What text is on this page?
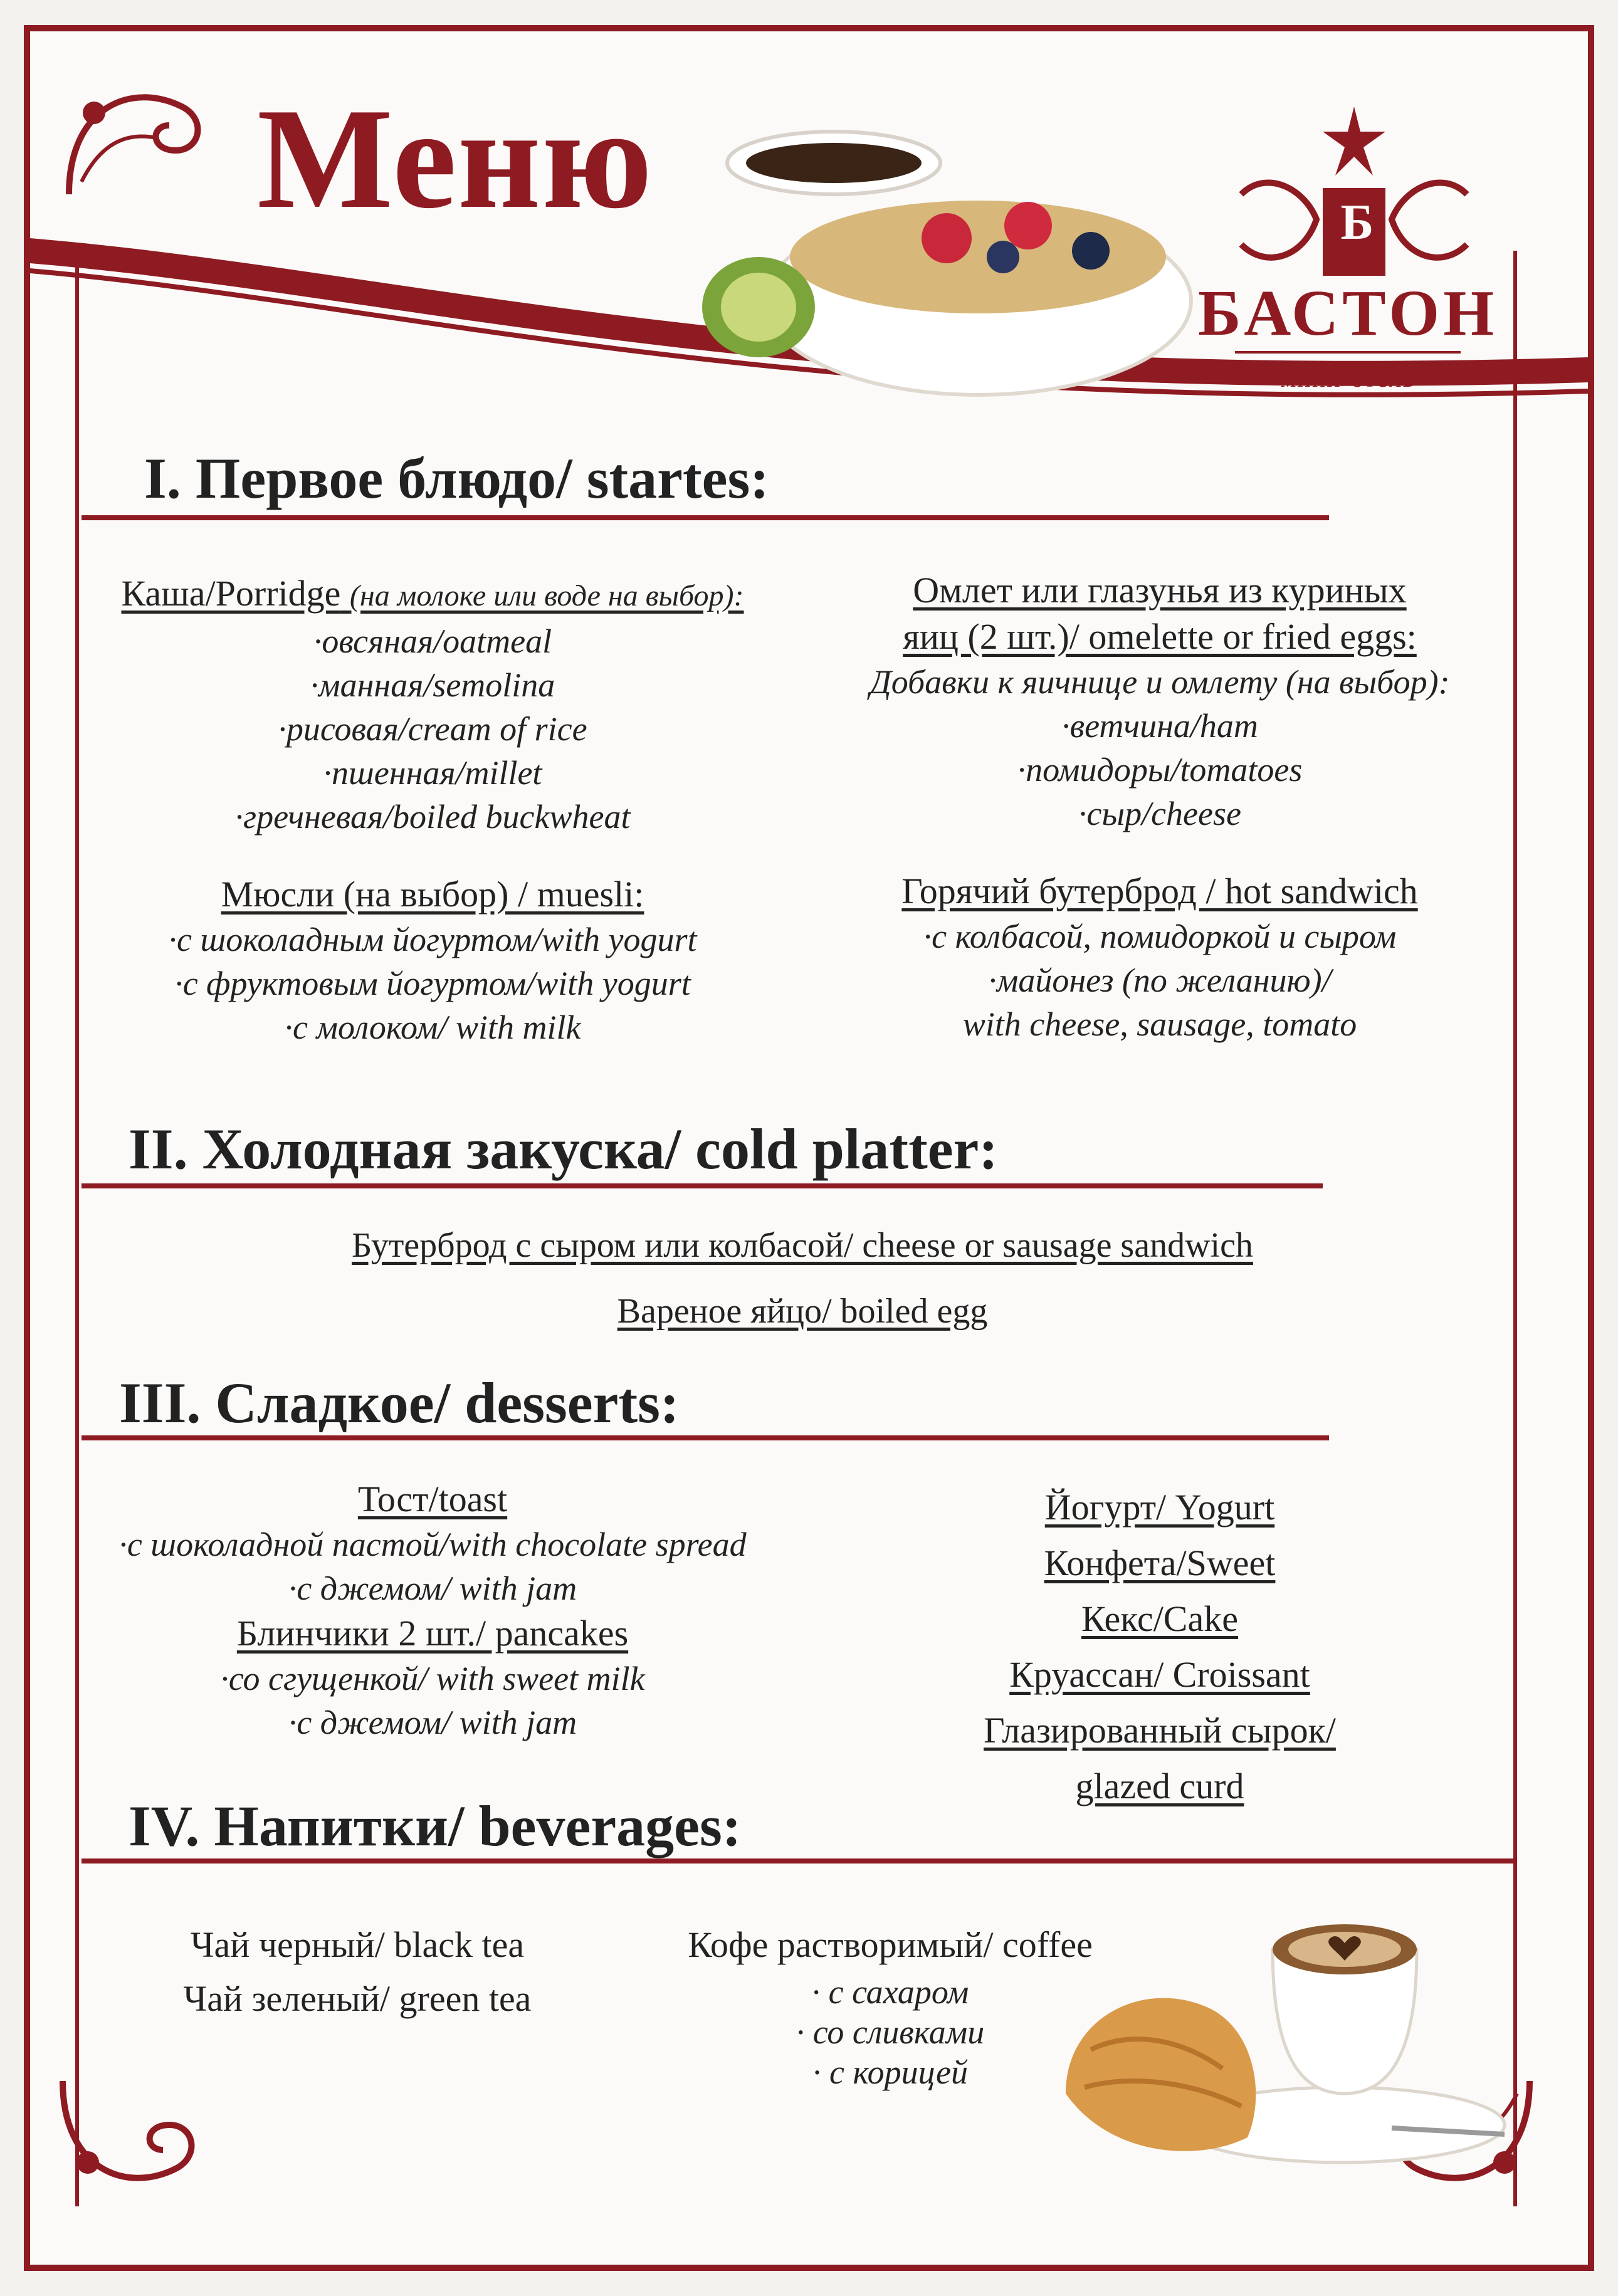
Меню	Б
БАСТОН
мини-отель
I. Первое блюдо/ startes:
Каша/Porridge (на молоке или воде на выбор):
·овсяная/oatmeal
·манная/semolina
·рисовая/cream of rice
·пшенная/millet
·гречневая/boiled buckwheat
Мюсли (на выбор) / muesli:
·с шоколадным йогуртом/with yogurt
·с фруктовым йогуртом/with yogurt
·с молоком/ with milk
Омлет или глазунья из куриных
яиц (2 шт.)/ omelette or fried eggs:
Добавки к яичнице и омлету (на выбор):
·ветчина/ham
·помидоры/tomatoes
·сыр/cheese
Горячий бутерброд / hot sandwich
·с колбасой, помидоркой и сыром
·майонез (по желанию)/
with cheese, sausage, tomato
II. Холодная закуска/ cold platter:
Бутерброд с сыром или колбасой/ cheese or sausage sandwich
Вареное яйцо/ boiled egg
III. Сладкое/ desserts:
Тост/toast
·с шоколадной пастой/with chocolate spread
·с джемом/ with jam
Блинчики 2 шт./ pancakes
·со сгущенкой/ with sweet milk
·с джемом/ with jam
Йогурт/ Yogurt
Конфета/Sweet
Кекс/Cake
Круассан/ Croissant
Глазированный сырок/
glazed curd
IV. Напитки/ beverages:
Чай черный/ black tea
Чай зеленый/ green tea
Кофе растворимый/ coffee
· с сахаром
· со сливками
· с корицей
